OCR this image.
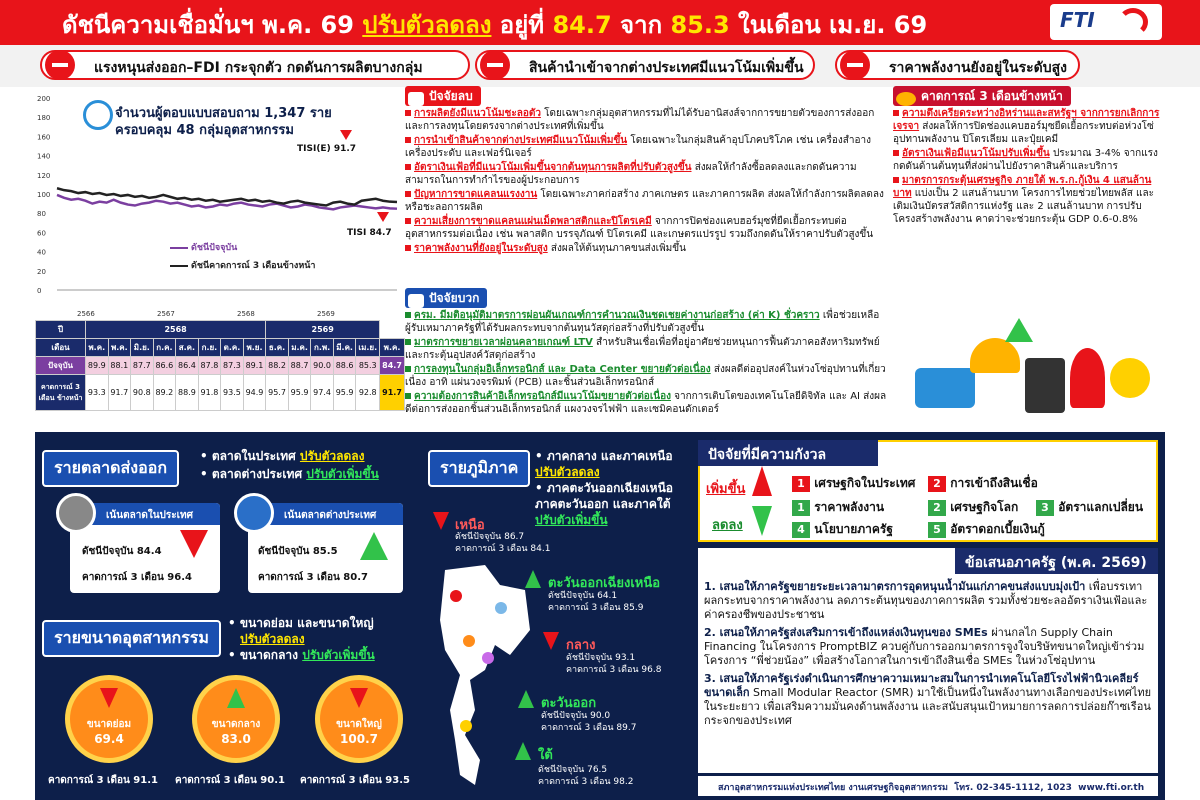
ดัชนีความเชื่อมั่นฯ พ.ค. 69 ปรับตัวลดลง อยู่ที่ 84.7 จาก 85.3 ในเดือน เม.ย. 69	FTI
แรงหนุนส่งออก–FDI กระจุกตัว กดดันการผลิตบางกลุ่ม	สินค้านำเข้าจากต่างประเทศมีแนวโน้มเพิ่มขึ้น	ราคาพลังงานยังอยู่ในระดับสูง
200
180
160
140
120
100
80
60
40
20
0
2566	2567	2568	2569
จำนวนผู้ตอบแบบสอบถาม 1,347 ราย
ครอบคลุม 48 กลุ่มอุตสาหกรรม
TISI(E) 91.7
TISI 84.7
ดัชนีปัจจุบัน
ดัชนีคาดการณ์ 3 เดือนข้างหน้า
ปี	2568								2569					
เดือน	พ.ค.	พ.ค.	มิ.ย.	ก.ค.	ส.ค.	ก.ย.	ต.ค.	พ.ย.	ธ.ค.	ม.ค.	ก.พ.	มี.ค.	เม.ย.	พ.ค.
ปัจจุบัน	89.9	88.1	87.7	86.6	86.4	87.8	87.3	89.1	88.2	88.7	90.0	88.6	85.3	84.7
คาดการณ์ 3 เดือน ข้างหน้า	93.3	91.7	90.8	89.2	88.9	91.8	93.5	94.9	95.7	95.9	97.4	95.9	92.8	91.7
ปัจจัยลบ
การผลิตยังมีแนวโน้มชะลอตัว โดยเฉพาะกลุ่มอุตสาหกรรมที่ไม่ได้รับอานิสงส์จากการขยายตัวของการส่งออกและการลงทุนโดยตรงจากต่างประเทศที่เพิ่มขึ้น
การนำเข้าสินค้าจากต่างประเทศมีแนวโน้มเพิ่มขึ้น โดยเฉพาะในกลุ่มสินค้าอุปโภคบริโภค เช่น เครื่องสำอาง เครื่องประดับ และเฟอร์นิเจอร์
อัตราเงินเฟ้อที่มีแนวโน้มเพิ่มขึ้นจากต้นทุนการผลิตที่ปรับตัวสูงขึ้น ส่งผลให้กำลังซื้อลดลงและกดดันความสามารถในการทำกำไรของผู้ประกอบการ
ปัญหาการขาดแคลนแรงงาน โดยเฉพาะภาคก่อสร้าง ภาคเกษตร และภาคการผลิต ส่งผลให้กำลังการผลิตลดลงหรือชะลอการผลิต
ความเสี่ยงการขาดแคลนแผ่นเม็ดพลาสติกและปิโตรเคมี จากการปิดช่องแคบฮอร์มุซที่ยืดเยื้อกระทบต่ออุตสาหกรรมต่อเนื่อง เช่น พลาสติก บรรจุภัณฑ์ ปิโตรเคมี และเกษตรแปรรูป รวมถึงกดดันให้ราคาปรับตัวสูงขึ้น
ราคาพลังงานที่ยังอยู่ในระดับสูง ส่งผลให้ต้นทุนภาคขนส่งเพิ่มขึ้น
ปัจจัยบวก
ครม. มีมติอนุมัติมาตรการผ่อนผันเกณฑ์การคำนวณเงินชดเชยค่างานก่อสร้าง (ค่า K) ชั่วคราว เพื่อช่วยเหลือผู้รับเหมาภาครัฐที่ได้รับผลกระทบจากต้นทุนวัสดุก่อสร้างที่ปรับตัวสูงขึ้น
มาตรการขยายเวลาผ่อนคลายเกณฑ์ LTV สำหรับสินเชื่อเพื่อที่อยู่อาศัยช่วยหนุนการฟื้นตัวภาคอสังหาริมทรัพย์และกระตุ้นอุปสงค์วัสดุก่อสร้าง
การลงทุนในกลุ่มอิเล็กทรอนิกส์ และ Data Center ขยายตัวต่อเนื่อง ส่งผลดีต่ออุปสงค์ในห่วงโซ่อุปทานที่เกี่ยวเนื่อง อาทิ แผ่นวงจรพิมพ์ (PCB) และชิ้นส่วนอิเล็กทรอนิกส์
ความต้องการสินค้าอิเล็กทรอนิกส์มีแนวโน้มขยายตัวต่อเนื่อง จากการเติบโตของเทคโนโลยีดิจิทัล และ AI ส่งผลดีต่อการส่งออกชิ้นส่วนอิเล็กทรอนิกส์ แผงวงจรไฟฟ้า และเซมิคอนดักเตอร์
คาดการณ์ 3 เดือนข้างหน้า
ความตึงเครียดระหว่างอิหร่านและสหรัฐฯ จากการยกเลิกการเจรจา ส่งผลให้การปิดช่องแคบฮอร์มุซยืดเยื้อกระทบต่อห่วงโซ่อุปทานพลังงาน ปิโตรเลียม และปุ๋ยเคมี
อัตราเงินเฟ้อมีแนวโน้มปรับเพิ่มขึ้น ประมาณ 3-4% จากแรงกดดันด้านต้นทุนที่ส่งผ่านไปยังราคาสินค้าและบริการ
มาตรการกระตุ้นเศรษฐกิจ ภายใต้ พ.ร.ก.กู้เงิน 4 แสนล้านบาท แบ่งเป็น 2 แสนล้านบาท โครงการไทยช่วยไทยพลัส และเติมเงินบัตรสวัสดิการแห่งรัฐ และ 2 แสนล้านบาท การปรับโครงสร้างพลังงาน คาดว่าจะช่วยกระตุ้น GDP 0.6-0.8%
รายตลาดส่งออก
• ตลาดในประเทศ ปรับตัวลดลง
• ตลาดต่างประเทศ ปรับตัวเพิ่มขึ้น
เน้นตลาดในประเทศ
ดัชนีปัจจุบัน 84.4
คาดการณ์ 3 เดือน 96.4
เน้นตลาดต่างประเทศ
ดัชนีปัจจุบัน 85.5
คาดการณ์ 3 เดือน 80.7
รายขนาดอุตสาหกรรม
• ขนาดย่อม และขนาดใหญ่
ปรับตัวลดลง
• ขนาดกลาง ปรับตัวเพิ่มขึ้น
ขนาดย่อม
69.4
คาดการณ์ 3 เดือน 91.1
ขนาดกลาง
83.0
คาดการณ์ 3 เดือน 90.1
ขนาดใหญ่
100.7
คาดการณ์ 3 เดือน 93.5
รายภูมิภาค
• ภาคกลาง และภาคเหนือ ปรับตัวลดลง
• ภาคตะวันออกเฉียงเหนือ ภาคตะวันออก และภาคใต้ ปรับตัวเพิ่มขึ้น
เหนือ
ดัชนีปัจจุบัน 86.7
คาดการณ์ 3 เดือน 84.1
ตะวันออกเฉียงเหนือ
ดัชนีปัจจุบัน 64.1
คาดการณ์ 3 เดือน 85.9
กลาง
ดัชนีปัจจุบัน 93.1
คาดการณ์ 3 เดือน 96.8
ตะวันออก
ดัชนีปัจจุบัน 90.0
คาดการณ์ 3 เดือน 89.7
ใต้
ดัชนีปัจจุบัน 76.5
คาดการณ์ 3 เดือน 98.2
ปัจจัยที่มีความกังวล
เพิ่มขึ้น
ลดลง
1 เศรษฐกิจในประเทศ	2 การเข้าถึงสินเชื่อ
1 ราคาพลังงาน	2 เศรษฐกิจโลก	3 อัตราแลกเปลี่ยน
4 นโยบายภาครัฐ	5 อัตราดอกเบี้ยเงินกู้
ข้อเสนอภาครัฐ (พ.ค. 2569)
1. เสนอให้ภาครัฐขยายระยะเวลามาตรการอุดหนุนน้ำมันแก่ภาคขนส่งแบบมุ่งเป้า เพื่อบรรเทาผลกระทบจากราคาพลังงาน ลดภาระต้นทุนของภาคการผลิต รวมทั้งช่วยชะลออัตราเงินเฟ้อและค่าครองชีพของประชาชน
2. เสนอให้ภาครัฐส่งเสริมการเข้าถึงแหล่งเงินทุนของ SMEs ผ่านกลไก Supply Chain Financing ในโครงการ PromptBIZ ควบคู่กับการออกมาตรการจูงใจบริษัทขนาดใหญ่เข้าร่วมโครงการ “พี่ช่วยน้อง” เพื่อสร้างโอกาสในการเข้าถึงสินเชื่อ SMEs ในห่วงโซ่อุปทาน
3. เสนอให้ภาครัฐเร่งดำเนินการศึกษาความเหมาะสมในการนำเทคโนโลยีโรงไฟฟ้านิวเคลียร์ขนาดเล็ก Small Modular Reactor (SMR) มาใช้เป็นหนึ่งในพลังงานทางเลือกของประเทศไทยในระยะยาว เพื่อเสริมความมั่นคงด้านพลังงาน และสนับสนุนเป้าหมายการลดการปล่อยก๊าซเรือนกระจกของประเทศ
สภาอุตสาหกรรมแห่งประเทศไทย งานเศรษฐกิจอุตสาหกรรม โทร. 02-345-1112, 1023 www.fti.or.th
